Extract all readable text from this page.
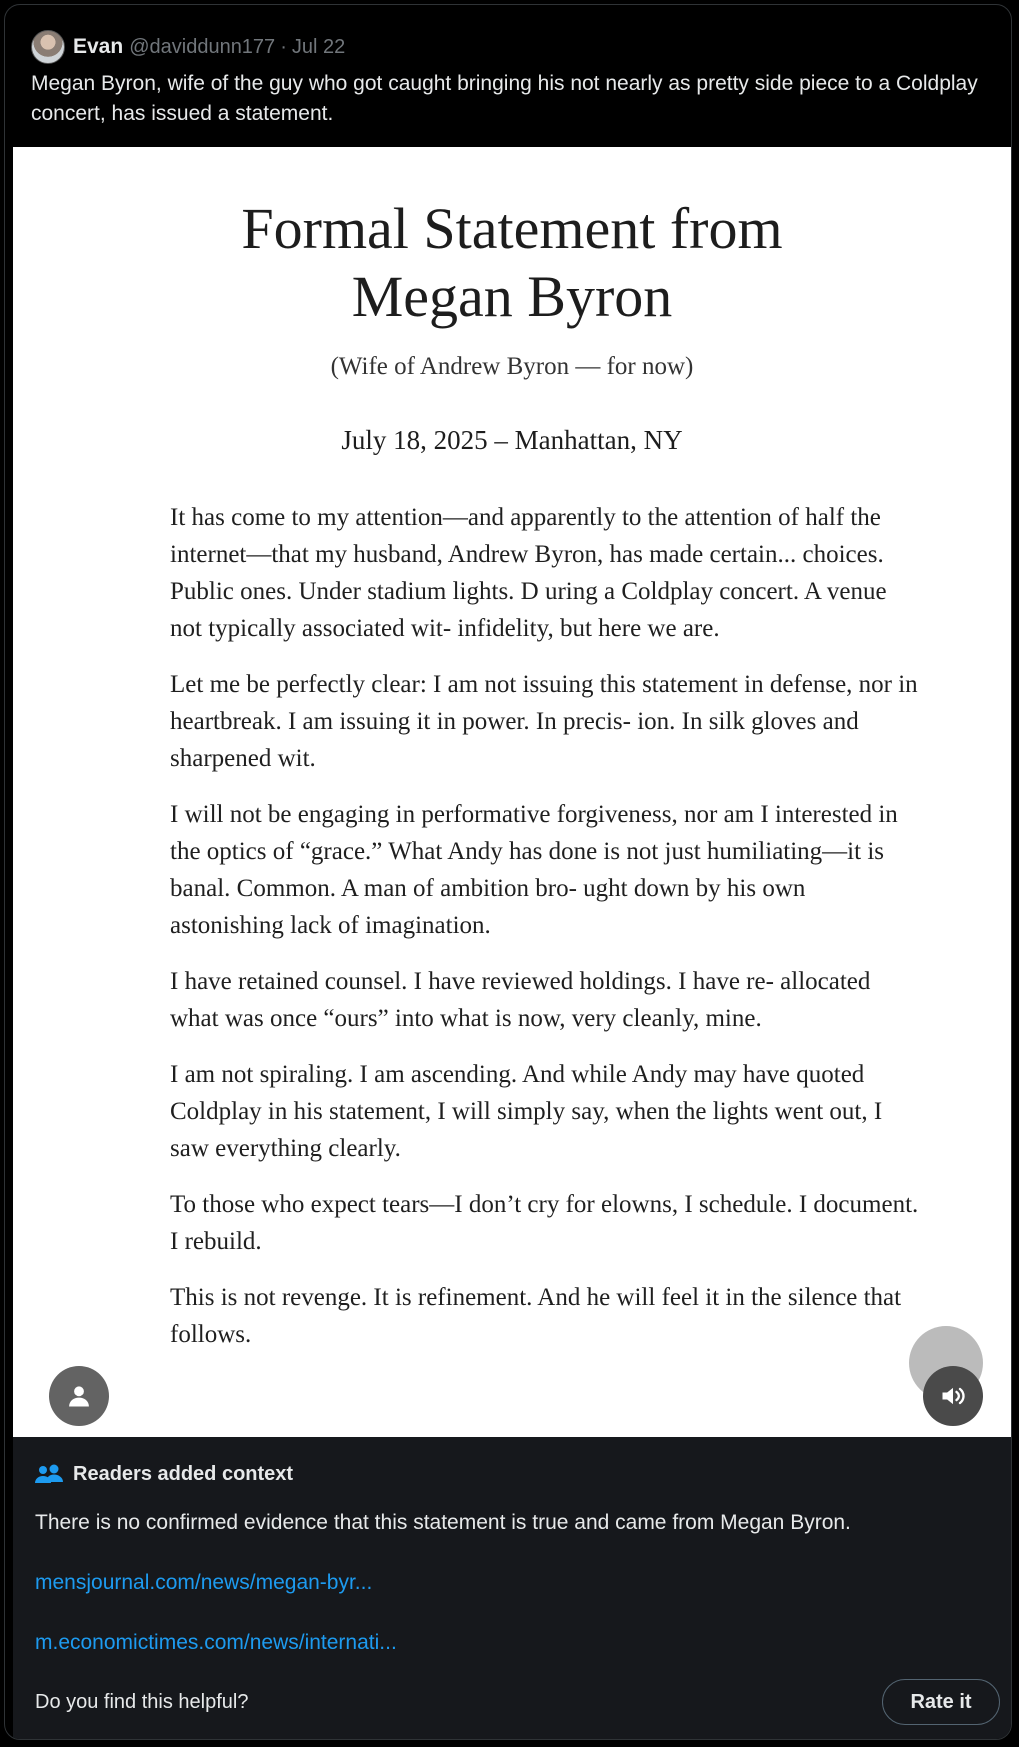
Evan @daviddunn177 · Jul 22
Megan Byron, wife of the guy who got caught bringing his not nearly as pretty side piece to a Coldplay concert, has issued a statement.
Formal Statement from
Megan Byron
(Wife of Andrew Byron — for now)
July 18, 2025 – Manhattan, NY

It has come to my attention—and apparently to the attention of half the internet—that my husband, Andrew Byron, has made certain... choices. Public ones. Under stadium lights. D uring a Coldplay concert. A venue not typically associated wit- infidelity, but here we are.

Let me be perfectly clear: I am not issuing this statement in defense, nor in heartbreak. I am issuing it in power. In precis- ion. In silk gloves and sharpened wit.

I will not be engaging in performative forgiveness, nor am I interested in the optics of “grace.” What Andy has done is not just humiliating—it is banal. Common. A man of ambition bro- ught down by his own astonishing lack of imagination.

I have retained counsel. I have reviewed holdings. I have re- allocated what was once “ours” into what is now, very cleanly, mine.

I am not spiraling. I am ascending. And while Andy may have quoted Coldplay in his statement, I will simply say, when the lights went out, I saw everything clearly.

To those who expect tears—I don’t cry for elowns, I schedule. I document. I rebuild.

This is not revenge. It is refinement. And he will feel it in the silence that follows.

Readers added context
There is no confirmed evidence that this statement is true and came from Megan Byron.
mensjournal.com/news/megan-byr...
m.economictimes.com/news/internati...
Do you find this helpful?	Rate it
